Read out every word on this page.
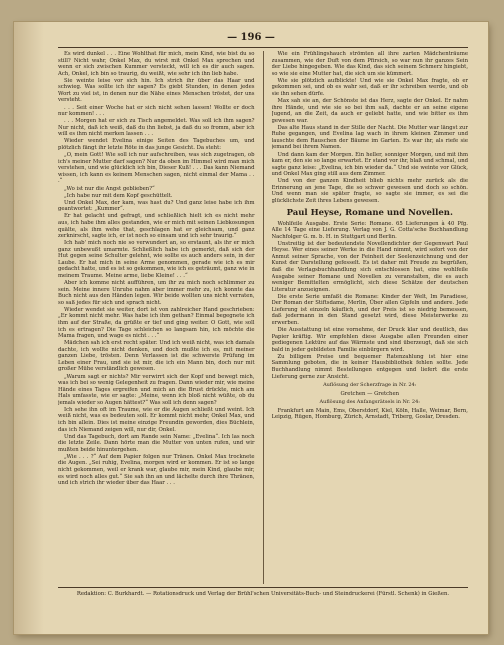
— 196 —

Es wird dunkel . . . Eine Wohlthat für mich, mein Kind, wie bist du so still? Nicht wahr, Onkel Max, du wirst mit Onkel Max sprechen und wenn er sich zwischen Kummer versteckt, will ich es dir auch sagen. Ach, Onkel, ich bin so traurig, du weißt, wie sehr ich ihn lieb habe.

Sie weinte leise vor sich hin. Ich strich ihr über das Haar und schwieg. Was sollte ich ihr sagen? Es giebt Stunden, in denen jedes Wort zu viel ist, in denen nur die Nähe eines Menschen tröstet, der uns versteht.

. . . Seit einer Woche hat er sich nicht sehen lassen! Wollte er doch nur kommen! . . .

. . . Morgen hat er sich zu Tisch angemeldet. Was soll ich ihm sagen? Nur nicht, daß ich weiß, daß du ihn liebst, ja daß du so fromm, aber ich will es ihm nicht merken lassen . . .

Wieder wendet Evelina einige Seiten des Tagebuches um, und plötzlich fängt ihr letzte Röte in das junge Gesicht. Da steht:

„O, mein Gott! Wie soll ich nur aufschreiben, was sich zugetragen, ob ich's meiner Mutter darf sagen? Nur da oben im Himmel wird man mich verstehen, und wie glücklich ich bin, Dieser Kuß! . . . Das kann Niemand wissen, ich kann es keinem Menschen sagen, nicht einmal der Mama . . .“

„Wo ist nur die Angst geblieben?“

„Ich habe nur mit dem Kopf geschüttelt.

Und Onkel Max, der kam, was hast du? Und ganz leise habe ich ihm geantwortet: „Kummer“.

Er hat gelacht und gefragt, und schließlich hielt ich es nicht mehr aus, ich habe ihm alles gestanden, wie er mich mit seinen Liebkosungen quälte, als ihm wehe that, geschlagen hat er gleichsam, und ganz zerknirscht, sagte ich, er ist noch so einsam und ich sehr traurig.“

Ich hab' mich noch nie so verwundert an, so erstaunt, als ihr er mich ganz unbewußt umarmte. Schließlich habe ich gemerkt, daß sich der Hut gegen seine Schulter gelehnt, wie sollte es auch anders sein, in der Laube. Er hat mich in seine Arme genommen, gerade wie ich es mir gedacht hatte, und es ist so gekommen, wie ich es geträumt, ganz wie in meinem Traume. Meine arme, liebe Kleine! . . .“

Aber ich komme nicht aufführen, um ihr zu mich noch schlimmer zu sein. Meine innere Unruhe nahm aber immer mehr zu, ich konnte das Buch nicht aus den Händen legen. Wir beide wollten uns nicht verraten, so saß jedes für sich und sprach nicht.

Wieder wendet sie weiter, dort ist von zahlreicher Hand geschrieben: „Er kommt nicht mehr. Was habe ich ihm gethan? Einmal begegnete ich ihm auf der Straße, da grüßte er tief und ging weiter. O Gott, wie soll ich es ertragen? Die Tage schleichen so langsam hin, ich möchte die Mama fragen, und wage es nicht . . .“

Mädchen sah ich erst recht später. Und ich weiß nicht, was ich damals dachte, ich wollte nicht denken, und doch mußte ich es, mit meiner ganzen Liebe, trösten. Denn Verlassen ist die schwerste Prüfung im Leben einer Frau, und sie ist mir, die ich ein Mann bin, doch nur mit großer Mühe verständlich gewesen.

„Warum sagt er nichts? Mir verwirrt sich der Kopf und bewegt mich, was ich bei so wenig Gelegenheit zu fragen. Dann wieder mir, wie meine Hände eines Tages ergreifen und mich an die Brust drückte, mich am Hals umfasste, wie er sagte: „Meine, wenn ich bloß nicht wüßte, ob du jemals wieder so Augen hättest?“ Was soll ich denn sagen?

Ich sehe ihn oft im Traume, wie er die Augen schließt und weint. Ich weiß nicht, was es bedeuten soll. Er kommt nicht mehr, Onkel Max, und ich bin allein. Dies ist meine einzige Freundin geworden, dies Büchlein, das ich Niemand zeigen will, nur dir, Onkel.

Und das Tagebuch, dort am Rande sein Name: „Evelina“. Ich las noch die letzte Zeile. Dann hörte man die Mutter von unten rufen, und wir mußten beide hinuntergehen.

„Wie . . . ?“ Auf dem Papier folgen nur Tränen. Onkel Max trocknete die Augen. „Sei ruhig, Evelina, morgen wird er kommen. Er ist so lange nicht gekommen, weil er krank war, glaube mir, mein Kind, glaube mir, es wird noch alles gut.“ Sie sah ihn an und lächelte durch ihre Thränen, und ich strich ihr wieder über das Haar . . .

Wie ein Frühlingshauch strömten all ihre zarten Mädchenträume zusammen, wie der Duft von dem Pfirsich, so war nun ihr ganzes Sein der Liebe hingegeben. Wie das Kind, das sich seinem Schmerz hingiebt, so wie sie eine Mutter hat, die sich um sie kümmert.

Wie sie plötzlich aufblickte! Und wie sie Onkel Max fragte, ob er gekommen sei, und ob es wahr sei, daß er ihr schreiben werde, und ob sie ihn sehen dürfe.

Max sah sie an, der Schönste ist das Herz, sagte der Onkel. Er nahm ihre Hände, und wie sie so bei ihm saß, dachte er an seine eigene Jugend, an die Zeit, da auch er geliebt hatte, und wie bitter es ihm gewesen war.

Das alte Haus stand in der Stille der Nacht. Die Mutter war längst zur Ruhe gegangen, und Evelina lag wach in ihrem kleinen Zimmer und lauschte dem Rauschen der Bäume im Garten. Es war ihr, als riefe sie jemand bei ihrem Namen.

Und dann kam der Morgen. Ein heller, sonniger Morgen, und mit ihm kam er, den sie so lange erwartet. Er stand vor ihr, blaß und schmal, und sagte ganz leise: „Evelina, ich bin wieder da.“ Und sie weinte vor Glück, und Onkel Max ging still aus dem Zimmer.

Und von der ganzen Kindheit blieb nichts mehr zurück als die Erinnerung an jene Tage, die so schwer gewesen und doch so schön. Und wenn man sie später fragte, so sagte sie immer, es sei die glücklichste Zeit ihres Lebens gewesen.

Paul Heyse, Romane und Novellen.

Wohlfeile Ausgabe. Erste Serie: Romane. 65 Lieferungen à 40 Pfg. Alle 14 Tage eine Lieferung. Verlag von J. G. Cotta'sche Buchhandlung Nachfolger G. m. b. H. in Stuttgart und Berlin.

Unstreitig ist der bedeutendste Novellendichter der Gegenwart Paul Heyse. Wer eines seiner Werke in die Hand nimmt, wird sofort von der Anmut seiner Sprache, von der Feinheit der Seelenzeichnung und der Kunst der Darstellung gefesselt. Es ist daher mit Freude zu begrüßen, daß die Verlagsbuchhandlung sich entschlossen hat, eine wohlfeile Ausgabe seiner Romane und Novellen zu veranstalten, die es auch weniger Bemittelten ermöglicht, sich diese Schätze der deutschen Literatur anzueignen.

Die erste Serie umfaßt die Romane: Kinder der Welt, Im Paradiese, Der Roman der Stiftsdame, Merlin, Über allen Gipfeln und andere. Jede Lieferung ist einzeln käuflich, und der Preis ist so niedrig bemessen, daß jedermann in den Stand gesetzt wird, diese Meisterwerke zu erwerben.

Die Ausstattung ist eine vornehme, der Druck klar und deutlich, das Papier kräftig. Wir empfehlen diese Ausgabe allen Freunden einer gediegenen Lektüre auf das Wärmste und sind überzeugt, daß sie sich bald in jeder gebildeten Familie einbürgern wird.

Zu billigem Preise und bequemer Ratenzahlung ist hier eine Sammlung geboten, die in keiner Hausbibliothek fehlen sollte. Jede Buchhandlung nimmt Bestellungen entgegen und liefert die erste Lieferung gerne zur Ansicht.

Auflösung der Scherzfrage in Nr. 24:

Gretchen — Gretchen

Auflösung des Anfangsrätsels in Nr. 24:

Frankfurt am Main, Ems, Oberstdorf, Kiel, Köln, Halle, Weimar, Bern, Leipzig, Rügen, Homburg, Zürich, Arnstadt, Triberg, Goslar, Dresden.

Redaktion: C. Burkhardt. — Rotationsdruck und Verlag der Brühl'schen Universitäts-Buch- und Steindruckerei (Fürstl. Schenk) in Gießen.
